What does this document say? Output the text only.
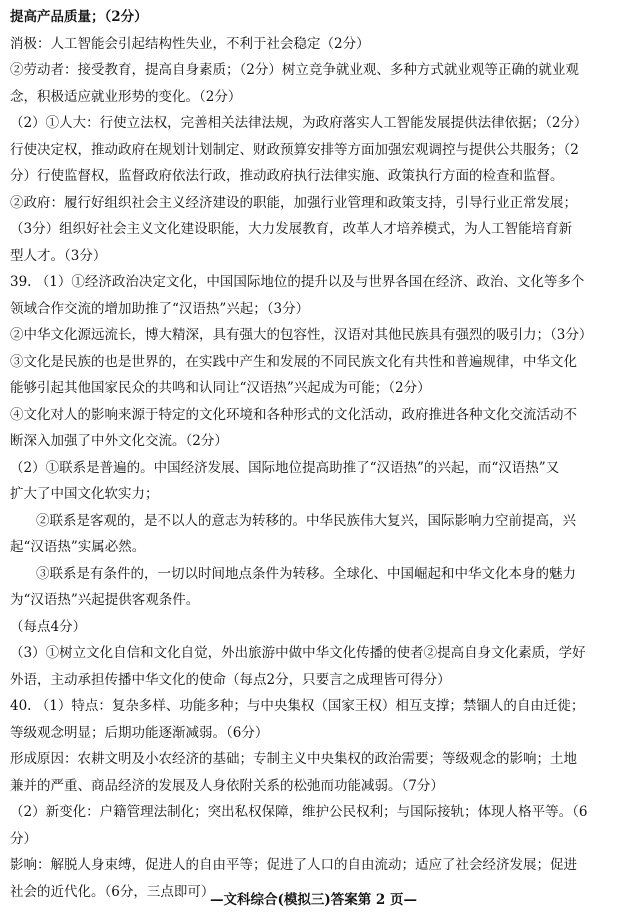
提高产品质量；（2分）
消极：人工智能会引起结构性失业，不利于社会稳定（2分）
②劳动者：接受教育，提高自身素质；（2分）树立竞争就业观、多种方式就业观等正确的就业观
念，积极适应就业形势的变化。（2分）
（2）①人大：行使立法权，完善相关法律法规，为政府落实人工智能发展提供法律依据；（2分）
行使决定权，推动政府在规划计划制定、财政预算安排等方面加强宏观调控与提供公共服务；（2
分）行使监督权，监督政府依法行政，推动政府执行法律实施、政策执行方面的检查和监督。
②政府：履行好组织社会主义经济建设的职能，加强行业管理和政策支持，引导行业正常发展；
（3分）组织好社会主义文化建设职能，大力发展教育，改革人才培养模式，为人工智能培育新
型人才。（3分）
39. （1）①经济政治决定文化，中国国际地位的提升以及与世界各国在经济、政治、文化等多个
领域合作交流的增加助推了“汉语热”兴起；（3分）
②中华文化源远流长，博大精深，具有强大的包容性，汉语对其他民族具有强烈的吸引力；（3分）
③文化是民族的也是世界的，在实践中产生和发展的不同民族文化有共性和普遍规律，中华文化
能够引起其他国家民众的共鸣和认同让“汉语热”兴起成为可能；（2分）
④文化对人的影响来源于特定的文化环境和各种形式的文化活动，政府推进各种文化交流活动不
断深入加强了中外文化交流。（2分）
（2）①联系是普遍的。中国经济发展、国际地位提高助推了“汉语热”的兴起，而“汉语热”又
扩大了中国文化软实力；
②联系是客观的，是不以人的意志为转移的。中华民族伟大复兴，国际影响力空前提高，兴
起“汉语热”实属必然。
③联系是有条件的，一切以时间地点条件为转移。全球化、中国崛起和中华文化本身的魅力
为“汉语热”兴起提供客观条件。
（每点4分）
（3）①树立文化自信和文化自觉，外出旅游中做中华文化传播的使者②提高自身文化素质，学好
外语，主动承担传播中华文化的使命（每点2分，只要言之成理皆可得分）
40. （1）特点：复杂多样、功能多种；与中央集权（国家王权）相互支撑；禁锢人的自由迁徙；
等级观念明显；后期功能逐渐减弱。（6分）
形成原因：农耕文明及小农经济的基础；专制主义中央集权的政治需要；等级观念的影响；土地
兼并的严重、商品经济的发展及人身依附关系的松弛而功能减弱。（7分）
（2）新变化：户籍管理法制化；突出私权保障，维护公民权利；与国际接轨；体现人格平等。（6
分）
影响：解脱人身束缚，促进人的自由平等；促进了人口的自由流动；适应了社会经济发展；促进
社会的近代化。（6分，三点即可）
—文科综合(模拟三)答案第 2 页—
